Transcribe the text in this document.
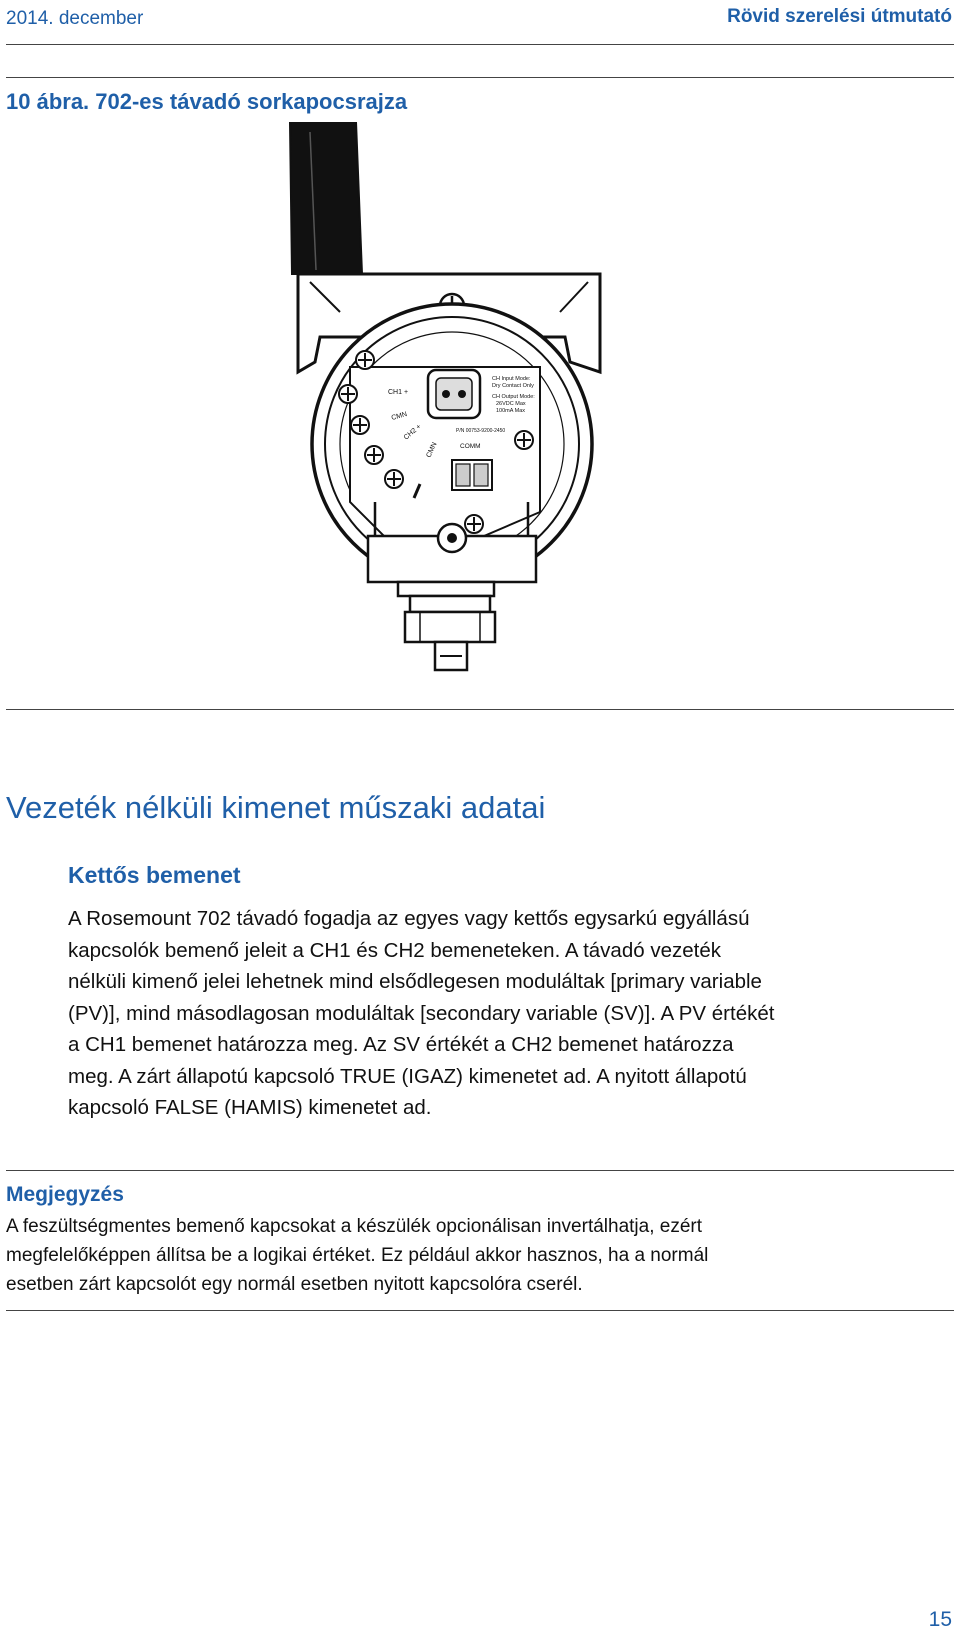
2014. december	Rövid szerelési útmutató
10 ábra. 702-es távadó sorkapocsrajza
CH1 +
CMN
CH2 +
CMN
CH Input Mode:
Dry Contact Only
CH Output Mode:
26VDC Max
100mA Max
P/N 00753-9200-2450
COMM
Vezeték nélküli kimenet műszaki adatai
Kettős bemenet
A Rosemount 702 távadó fogadja az egyes vagy kettős egysarkú egyállású
kapcsolók bemenő jeleit a CH1 és CH2 bemeneteken. A távadó vezeték
nélküli kimenő jelei lehetnek mind elsődlegesen moduláltak [primary variable
(PV)], mind másodlagosan moduláltak [secondary variable (SV)]. A PV értékét
a CH1 bemenet határozza meg. Az SV értékét a CH2 bemenet határozza
meg. A zárt állapotú kapcsoló TRUE (IGAZ) kimenetet ad. A nyitott állapotú
kapcsoló FALSE (HAMIS) kimenetet ad.
Megjegyzés
A feszültségmentes bemenő kapcsokat a készülék opcionálisan invertálhatja, ezért
megfelelőképpen állítsa be a logikai értéket. Ez például akkor hasznos, ha a normál
esetben zárt kapcsolót egy normál esetben nyitott kapcsolóra cserél.
15
